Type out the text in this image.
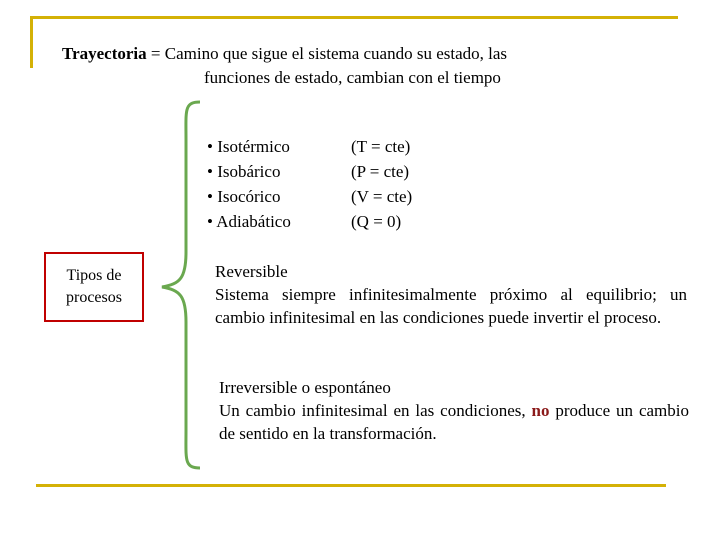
Trayectoria = Camino que sigue el sistema cuando su estado, las
funciones de estado, cambian con el tiempo
• Isotérmico	(T = cte)
• Isobárico	(P = cte)
• Isocórico	(V = cte)
• Adiabático	(Q = 0)
Tipos de
procesos
Reversible
Sistema siempre infinitesimalmente próximo al equilibrio; un cambio infinitesimal en las condiciones puede invertir el proceso.
Irreversible o espontáneo
Un cambio infinitesimal en las condiciones, no produce un cambio de sentido en la transformación.
